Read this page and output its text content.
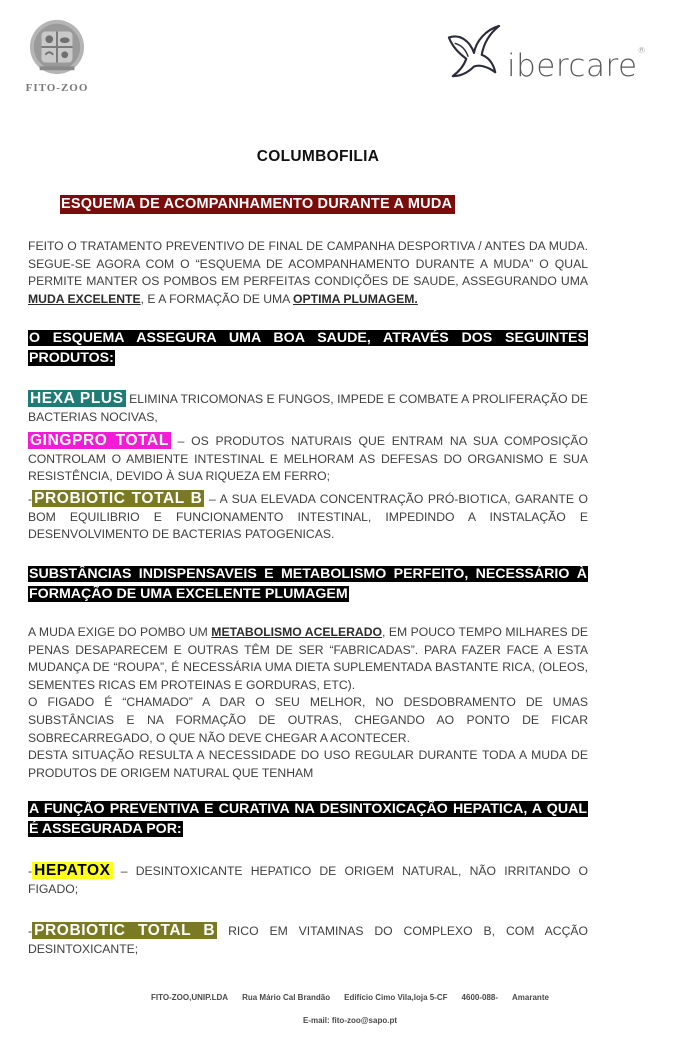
FITO-ZOO
ibercare®
COLUMBOFILIA
ESQUEMA DE ACOMPANHAMENTO DURANTE A MUDA

FEITO O TRATAMENTO PREVENTIVO DE FINAL DE CAMPANHA DESPORTIVA / ANTES DA MUDA. SEGUE-SE AGORA COM O “ESQUEMA DE ACOMPANHAMENTO DURANTE A MUDA” O QUAL PERMITE MANTER OS POMBOS EM PERFEITAS CONDIÇÕES DE SAUDE, ASSEGURANDO UMA MUDA EXCELENTE, E A FORMAÇÃO DE UMA OPTIMA PLUMAGEM.

O ESQUEMA ASSEGURA UMA BOA SAUDE, ATRAVÉS DOS SEGUINTES PRODUTOS:

HEXA PLUS ELIMINA TRICOMONAS E FUNGOS, IMPEDE E COMBATE A PROLIFERAÇÃO DE BACTERIAS NOCIVAS,

GINGPRO TOTAL – OS PRODUTOS NATURAIS QUE ENTRAM NA SUA COMPOSIÇÃO CONTROLAM O AMBIENTE INTESTINAL E MELHORAM AS DEFESAS DO ORGANISMO E SUA RESISTÊNCIA, DEVIDO À SUA RIQUEZA EM FERRO;

- PROBIOTIC TOTAL B – A SUA ELEVADA CONCENTRAÇÃO PRÓ-BIOTICA, GARANTE O BOM EQUILIBRIO E FUNCIONAMENTO INTESTINAL, IMPEDINDO A INSTALAÇÃO E DESENVOLVIMENTO DE BACTERIAS PATOGENICAS.

SUBSTÂNCIAS INDISPENSAVEIS E METABOLISMO PERFEITO, NECESSÁRIO À FORMAÇÃO DE UMA EXCELENTE PLUMAGEM

A MUDA EXIGE DO POMBO UM METABOLISMO ACELERADO, EM POUCO TEMPO MILHARES DE PENAS DESAPARECEM E OUTRAS TÊM DE SER “FABRICADAS”. PARA FAZER FACE A ESTA MUDANÇA DE “ROUPA”, É NECESSÁRIA UMA DIETA SUPLEMENTADA BASTANTE RICA, (OLEOS, SEMENTES RICAS EM PROTEINAS E GORDURAS, ETC).

O FIGADO É “CHAMADO” A DAR O SEU MELHOR, NO DESDOBRAMENTO DE UMAS SUBSTÂNCIAS E NA FORMAÇÃO DE OUTRAS, CHEGANDO AO PONTO DE FICAR SOBRECARREGADO, O QUE NÃO DEVE CHEGAR A ACONTECER.

DESTA SITUAÇÃO RESULTA A NECESSIDADE DO USO REGULAR DURANTE TODA A MUDA DE PRODUTOS DE ORIGEM NATURAL QUE TENHAM

A FUNÇÃO PREVENTIVA E CURATIVA NA DESINTOXICAÇÃO HEPATICA, A QUAL É ASSEGURADA POR:

- HEPATOX – DESINTOXICANTE HEPATICO DE ORIGEM NATURAL, NÃO IRRITANDO O FIGADO;

- PROBIOTIC TOTAL B RICO EM VITAMINAS DO COMPLEXO B, COM ACÇÃO DESINTOXICANTE;

FITO-ZOO,UNIP.LDA Rua Mário Cal Brandão Edifício Cimo Vila,loja 5-CF 4600-088- Amarante
E-mail: fito-zoo@sapo.pt
